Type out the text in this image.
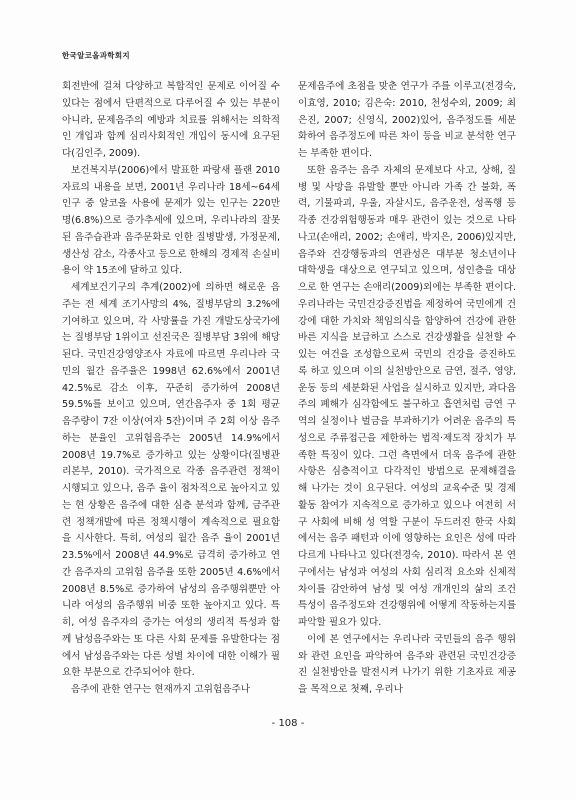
한국알코올과학회지

회전반에 걸쳐 다양하고 복합적인 문제로 이어질 수 있다는 점에서 단편적으로 다루어질 수 있는 부분이 아니라, 문제음주의 예방과 치료를 위해서는 의학적인 개입과 함께 심리사회적인 개입이 동시에 요구된다(김인주, 2009).

보건복지부(2006)에서 발표한 파랑새 플랜 2010 자료의 내용을 보면, 2001년 우리나라 18세~64세 인구 중 알코올 사용에 문제가 있는 인구는 220만 명(6.8%)으로 증가추세에 있으며, 우리나라의 잘못된 음주습관과 음주문화로 인한 질병발생, 가정문제, 생산성 감소, 각종사고 등으로 한해의 경제적 손실비용이 약 15조에 달하고 있다.

세계보건기구의 추계(2002)에 의하면 해로운 음주는 전 세계 조기사망의 4%, 질병부담의 3.2%에 기여하고 있으며, 각 사망률을 가진 개발도상국가에는 질병부담 1위이고 선진국은 질병부담 3위에 해당된다. 국민건강영양조사 자료에 따르면 우리나라 국민의 월간 음주율은 1998년 62.6%에서 2001년 42.5%로 감소 이후, 꾸준히 증가하여 2008년 59.5%를 보이고 있으며, 연간음주자 중 1회 평균 음주량이 7잔 이상(여자 5잔)이며 주 2회 이상 음주하는 분율인 고위험음주는 2005년 14.9%에서 2008년 19.7%로 증가하고 있는 상황이다(질병관리본부, 2010). 국가적으로 각종 음주관련 정책이 시행되고 있으나, 음주 율이 점차적으로 높아지고 있는 현 상황은 음주에 대한 심층 분석과 함께, 금주관련 정책개발에 따른 정책시행이 계속적으로 필요함을 시사한다. 특히, 여성의 월간 음주 율이 2001년 23.5%에서 2008년 44.9%로 급격히 증가하고 연간 음주자의 고위험 음주율 또한 2005년 4.6%에서 2008년 8.5%로 증가하여 남성의 음주행위뿐만 아니라 여성의 음주행위 비중 또한 높아지고 있다. 특히, 여성 음주자의 증가는 여성의 생리적 특성과 함께 남성음주와는 또 다른 사회 문제를 유발한다는 점에서 남성음주와는 다른 성별 차이에 대한 이해가 필요한 부분으로 간주되어야 한다.

음주에 관한 연구는 현재까지 고위험음주나

문제음주에 초점을 맞춘 연구가 주를 이루고(전경숙, 이효영, 2010; 김은숙: 2010, 천성수외, 2009; 최은진, 2007; 신영식, 2002)있어, 음주정도를 세분화하여 음주정도에 따른 차이 등을 비교 분석한 연구는 부족한 편이다.

또한 음주는 음주 자체의 문제보다 사고, 상해, 질병 및 사망을 유발할 뿐만 아니라 가족 간 불화, 폭력, 기물파괴, 우울, 자살시도, 음주운전, 성폭행 등 각종 건강위험행동과 매우 관련이 있는 것으로 나타나고(손애리, 2002; 손애리, 박지은, 2006)있지만, 음주와 건강행동과의 연관성은 대부분 청소년이나 대학생을 대상으로 연구되고 있으며, 성인층을 대상으로 한 연구는 손애리(2009)외에는 부족한 편이다. 우리나라는 국민건강증진법을 제정하여 국민에게 건강에 대한 가치와 책임의식을 함양하여 건강에 관한 바른 지식을 보급하고 스스로 건강생활을 실천할 수 있는 여건을 조성함으로써 국민의 건강을 증진하도록 하고 있으며 이의 실천방안으로 금연, 절주, 영양, 운동 등의 세분화된 사업을 실시하고 있지만, 과다음주의 폐해가 심각함에도 불구하고 흡연처럼 금연 구역의 실정이나 벌금을 부과하기가 어려운 음주의 특성으로 주류접근을 제한하는 법적·제도적 장치가 부족한 특징이 있다. 그런 측면에서 더욱 음주에 관한 사항은 심층적이고 다각적인 방법으로 문제해결을 해 나가는 것이 요구된다. 여성의 교육수준 및 경제활동 참여가 지속적으로 증가하고 있으나 여전히 서구 사회에 비해 성 역할 구분이 두드러진 한국 사회에서는 음주 패턴과 이에 영향하는 요인은 성에 따라 다르게 나타나고 있다(전경숙, 2010). 따라서 본 연구에서는 남성과 여성의 사회 심리적 요소와 신체적 차이를 감안하여 남성 및 여성 개개인의 삶의 조건 특성이 음주정도와 건강행위에 어떻게 작동하는지를 파악할 필요가 있다.

이에 본 연구에서는 우리나라 국민들의 음주 행위와 관련 요인을 파악하여 음주와 관련된 국민건강증진 실천방안을 발전시켜 나가기 위한 기초자료 제공을 목적으로 첫째, 우리나

- 108 -
